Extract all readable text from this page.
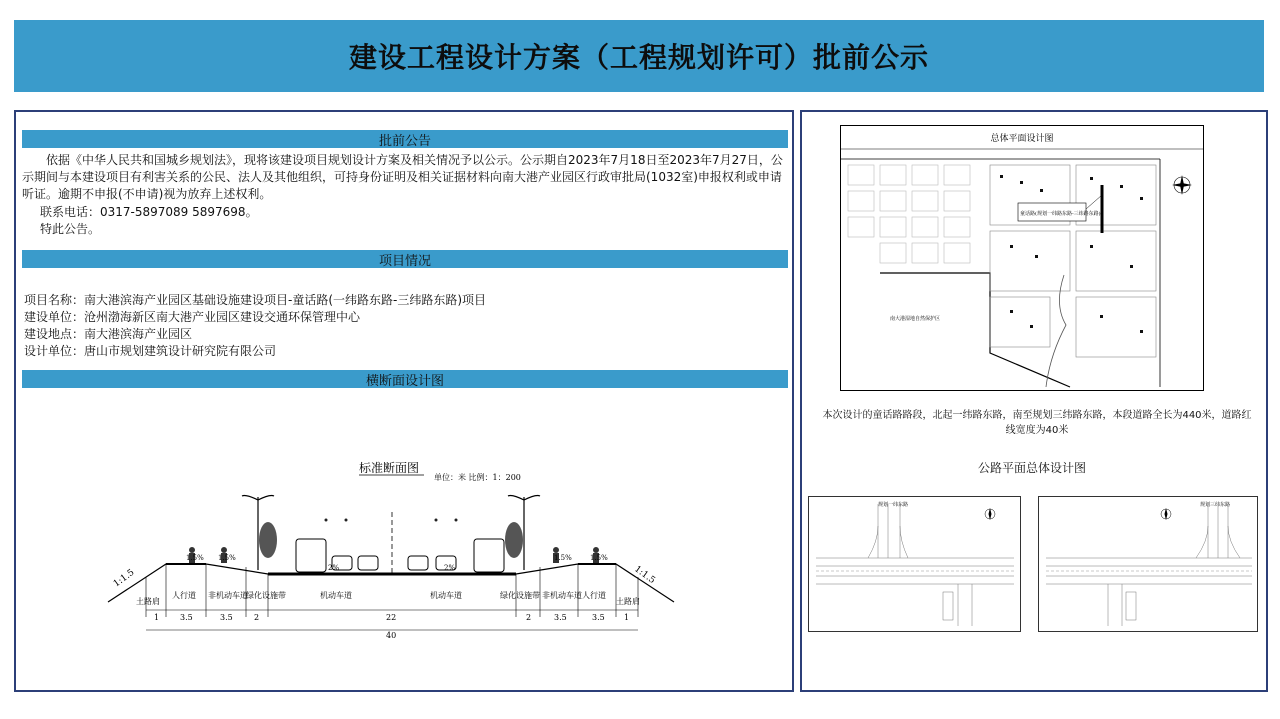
建设工程设计方案（工程规划许可）批前公示
批前公告

依据《中华人民共和国城乡规划法》，现将该建设项目规划设计方案及相关情况予以公示。公示期自2023年7月18日至2023年7月27日，公示期间与本建设项目有利害关系的公民、法人及其他组织，可持身份证明及相关证据材料向南大港产业园区行政审批局(1032室)申报权利或申请听证。逾期不申报(不申请)视为放弃上述权利。

联系电话：0317-5897089 5897698。

特此公告。

项目情况
项目名称：南大港滨海产业园区基础设施建设项目-童话路(一纬路东路-三纬路东路)项目
建设单位：沧州渤海新区南大港产业园区建设交通环保管理中心
建设地点：南大港滨海产业园区
设计单位：唐山市规划建筑设计研究院有限公司
横断面设计图
标准断面图
单位：米 比例：1：200
1:1.5	1:1.5
1.5% 1.5%
2%	2%
1.5%	1.5%
土路肩
人行道 非机动车道
绿化设施带	机动车道	机动车道	绿化设施带 非机动车道 人行道
土路肩
3.5	3.5	2	22	2	3.5	3.5
1	1
40
总体平面设计图
童话路(规划一纬路东路-三纬路东路)
南大港湿地自然保护区
本次设计的童话路路段，北起一纬路东路，南至规划三纬路东路，本段道路全长为440米，道路红线宽度为40米
公路平面总体设计图
规划一纬东路	规划三纬东路
